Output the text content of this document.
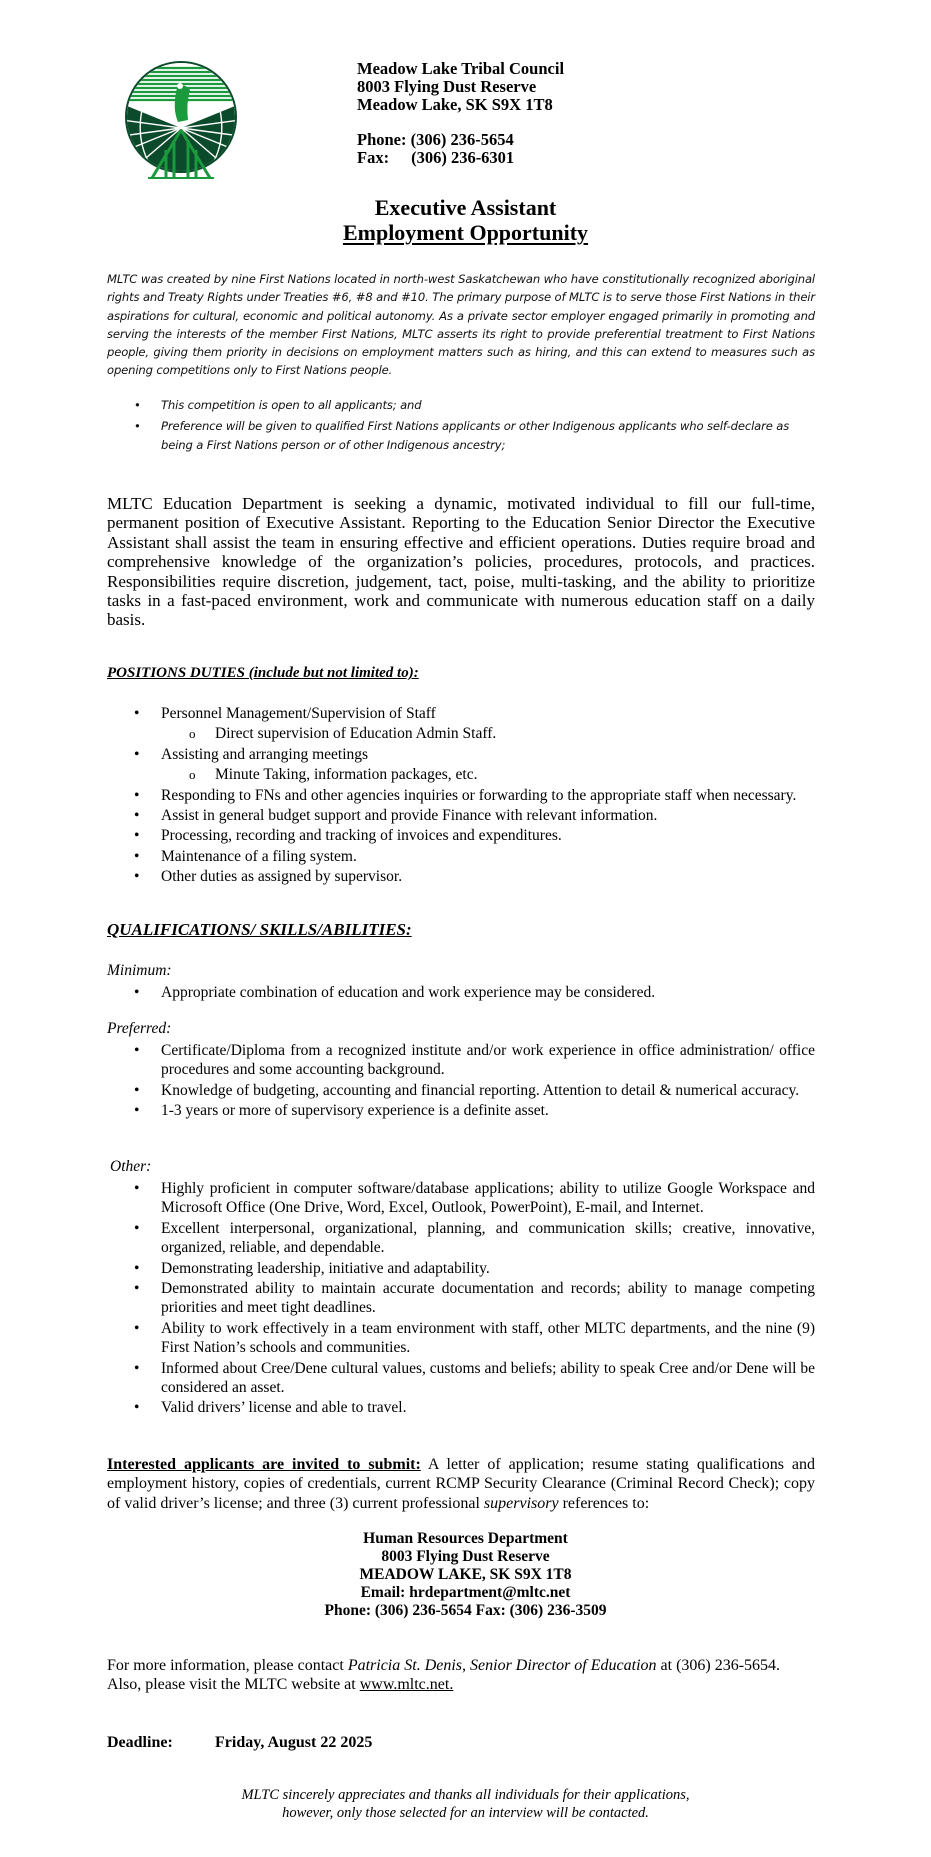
Meadow Lake Tribal Council
8003 Flying Dust Reserve
Meadow Lake, SK S9X 1T8
Phone: (306) 236-5654
Fax: (306) 236-6301
Executive Assistant
Employment Opportunity
MLTC was created by nine First Nations located in north-west Saskatchewan who have constitutionally recognized aboriginal rights and Treaty Rights under Treaties #6, #8 and #10. The primary purpose of MLTC is to serve those First Nations in their aspirations for cultural, economic and political autonomy. As a private sector employer engaged primarily in promoting and serving the interests of the member First Nations, MLTC asserts its right to provide preferential treatment to First Nations people, giving them priority in decisions on employment matters such as hiring, and this can extend to measures such as opening competitions only to First Nations people.
• This competition is open to all applicants; and
• Preference will be given to qualified First Nations applicants or other Indigenous applicants who self-declare as being a First Nations person or of other Indigenous ancestry;
MLTC Education Department is seeking a dynamic, motivated individual to fill our full-time, permanent position of Executive Assistant. Reporting to the Education Senior Director the Executive Assistant shall assist the team in ensuring effective and efficient operations. Duties require broad and comprehensive knowledge of the organization’s policies, procedures, protocols, and practices. Responsibilities require discretion, judgement, tact, poise, multi-tasking, and the ability to prioritize tasks in a fast-paced environment, work and communicate with numerous education staff on a daily basis.
POSITIONS DUTIES (include but not limited to):
• Personnel Management/Supervision of Staff
o Direct supervision of Education Admin Staff.
• Assisting and arranging meetings
o Minute Taking, information packages, etc.
• Responding to FNs and other agencies inquiries or forwarding to the appropriate staff when necessary.
• Assist in general budget support and provide Finance with relevant information.
• Processing, recording and tracking of invoices and expenditures.
• Maintenance of a filing system.
• Other duties as assigned by supervisor.
QUALIFICATIONS/ SKILLS/ABILITIES:
Minimum:
• Appropriate combination of education and work experience may be considered.
Preferred:
• Certificate/Diploma from a recognized institute and/or work experience in office administration/ office procedures and some accounting background.
• Knowledge of budgeting, accounting and financial reporting. Attention to detail & numerical accuracy.
• 1-3 years or more of supervisory experience is a definite asset.
Other:
• Highly proficient in computer software/database applications; ability to utilize Google Workspace and Microsoft Office (One Drive, Word, Excel, Outlook, PowerPoint), E-mail, and Internet.
• Excellent interpersonal, organizational, planning, and communication skills; creative, innovative, organized, reliable, and dependable.
• Demonstrating leadership, initiative and adaptability.
• Demonstrated ability to maintain accurate documentation and records; ability to manage competing priorities and meet tight deadlines.
• Ability to work effectively in a team environment with staff, other MLTC departments, and the nine (9) First Nation’s schools and communities.
• Informed about Cree/Dene cultural values, customs and beliefs; ability to speak Cree and/or Dene will be considered an asset.
• Valid drivers’ license and able to travel.
Interested applicants are invited to submit: A letter of application; resume stating qualifications and employment history, copies of credentials, current RCMP Security Clearance (Criminal Record Check); copy of valid driver’s license; and three (3) current professional supervisory references to:
Human Resources Department
8003 Flying Dust Reserve
MEADOW LAKE, SK S9X 1T8
Email: hrdepartment@mltc.net
Phone: (306) 236-5654 Fax: (306) 236-3509
For more information, please contact Patricia St. Denis, Senior Director of Education at (306) 236-5654.
Also, please visit the MLTC website at www.mltc.net.
Deadline:	Friday, August 22 2025
MLTC sincerely appreciates and thanks all individuals for their applications,
however, only those selected for an interview will be contacted.
